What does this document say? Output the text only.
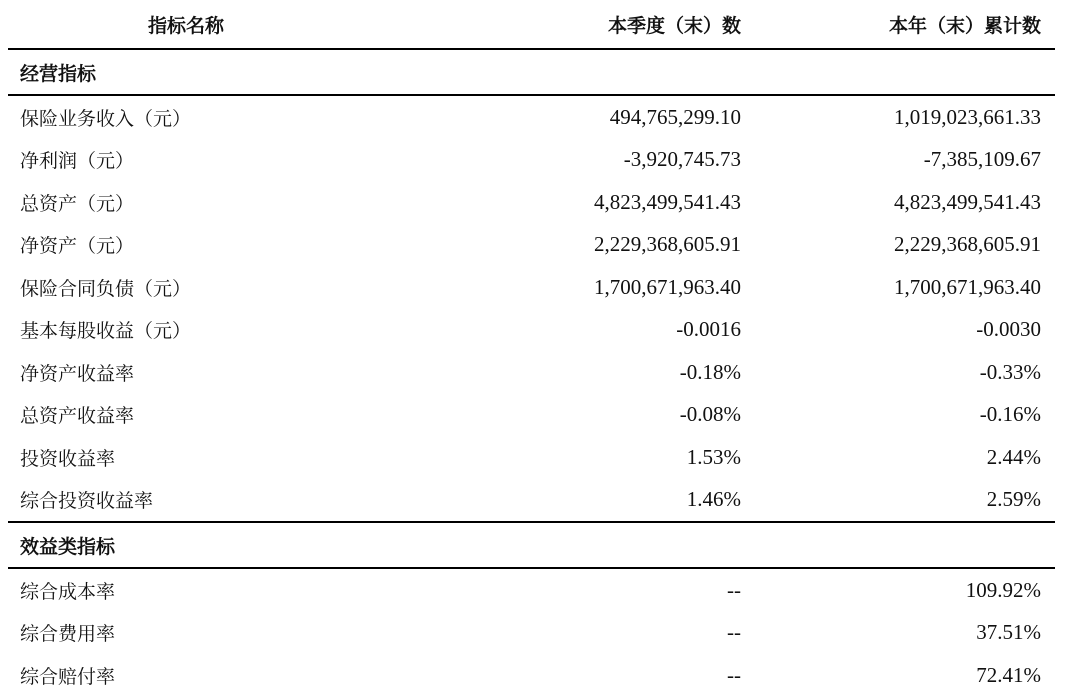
指标名称	本季度（末）数	本年（末）累计数
经营指标
保险业务收入（元）	494,765,299.10	1,019,023,661.33
净利润（元）	-3,920,745.73	-7,385,109.67
总资产（元）	4,823,499,541.43	4,823,499,541.43
净资产（元）	2,229,368,605.91	2,229,368,605.91
保险合同负债（元）	1,700,671,963.40	1,700,671,963.40
基本每股收益（元）	-0.0016	-0.0030
净资产收益率	-0.18%	-0.33%
总资产收益率	-0.08%	-0.16%
投资收益率	1.53%	2.44%
综合投资收益率	1.46%	2.59%
效益类指标
综合成本率	--	109.92%
综合费用率	--	37.51%
综合赔付率	--	72.41%
